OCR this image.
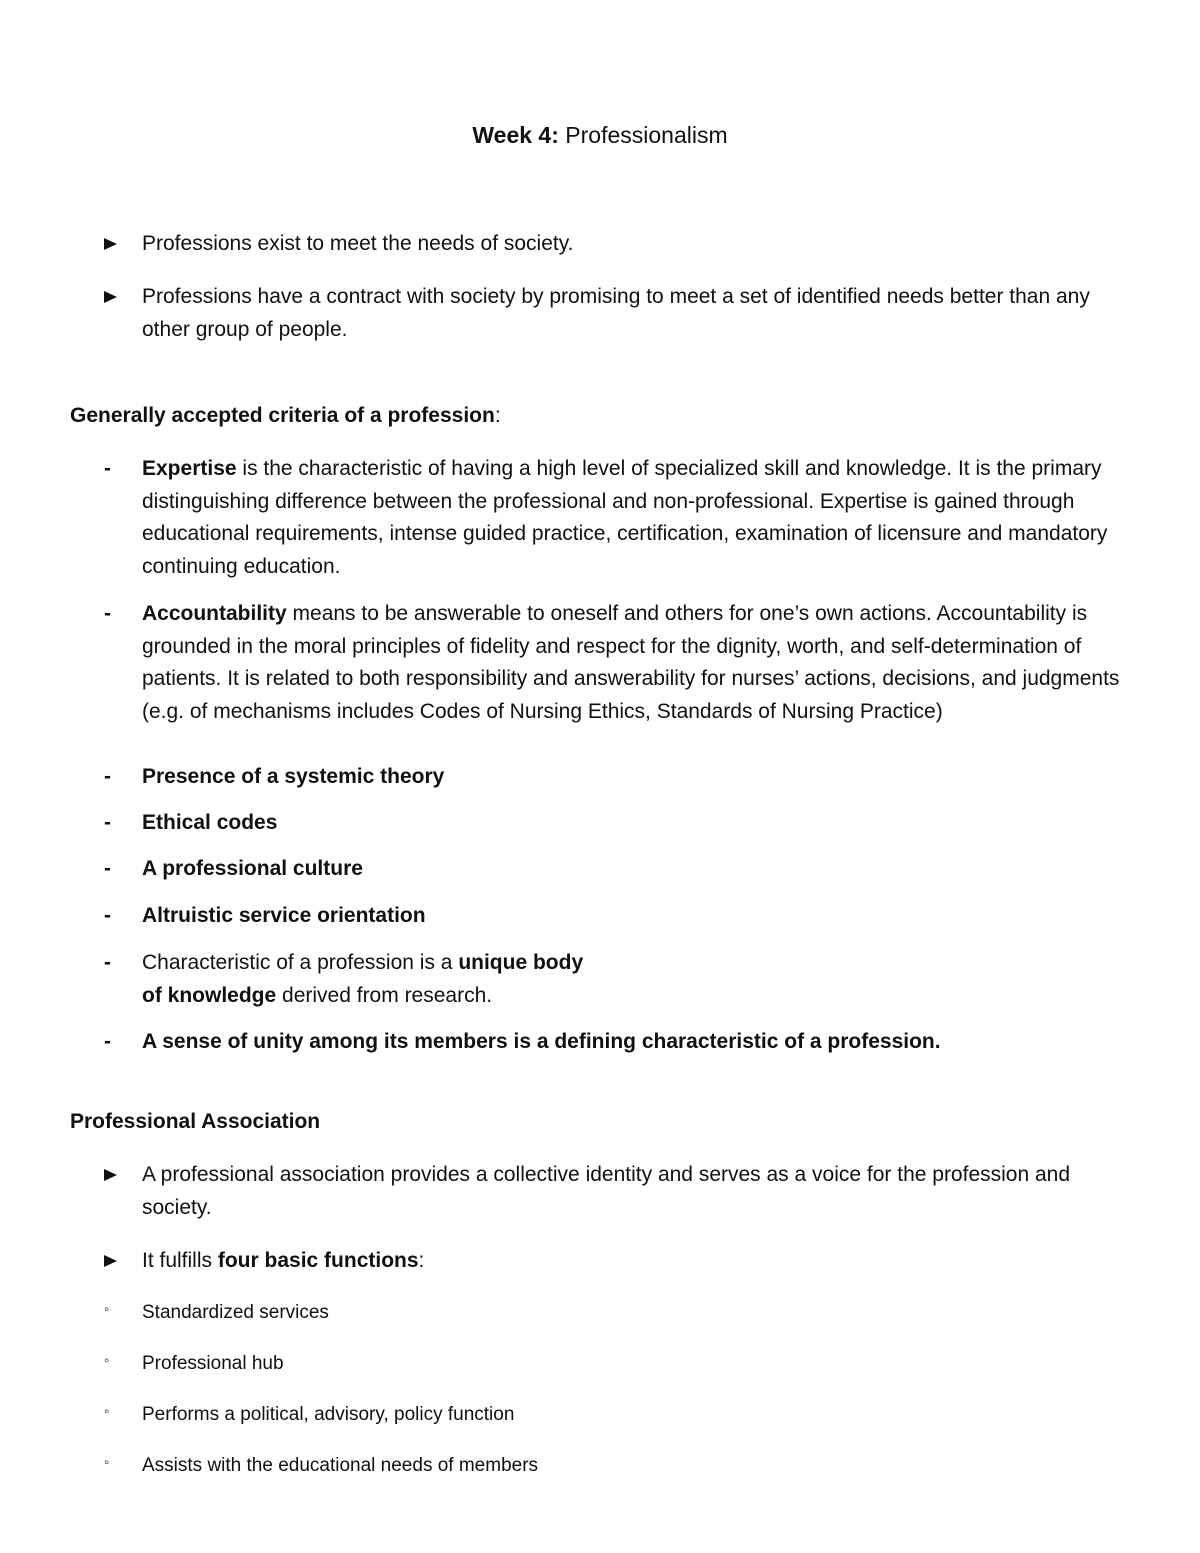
Week 4: Professionalism
Professions exist to meet the needs of society.
Professions have a contract with society by promising to meet a set of identified needs better than any other group of people.
Generally accepted criteria of a profession:
- Expertise is the characteristic of having a high level of specialized skill and knowledge. It is the primary distinguishing difference between the professional and non-professional. Expertise is gained through educational requirements, intense guided practice, certification, examination of licensure and mandatory continuing education.
- Accountability means to be answerable to oneself and others for one’s own actions. Accountability is grounded in the moral principles of fidelity and respect for the dignity, worth, and self-determination of patients. It is related to both responsibility and answerability for nurses’ actions, decisions, and judgments (e.g. of mechanisms includes Codes of Nursing Ethics, Standards of Nursing Practice)
- Presence of a systemic theory
- Ethical codes
- A professional culture
- Altruistic service orientation
- Characteristic of a profession is a unique body of knowledge derived from research.
- A sense of unity among its members is a defining characteristic of a profession.
Professional Association
A professional association provides a collective identity and serves as a voice for the profession and society.
It fulfills four basic functions:
◦ Standardized services
◦ Professional hub
◦ Performs a political, advisory, policy function
◦ Assists with the educational needs of members
